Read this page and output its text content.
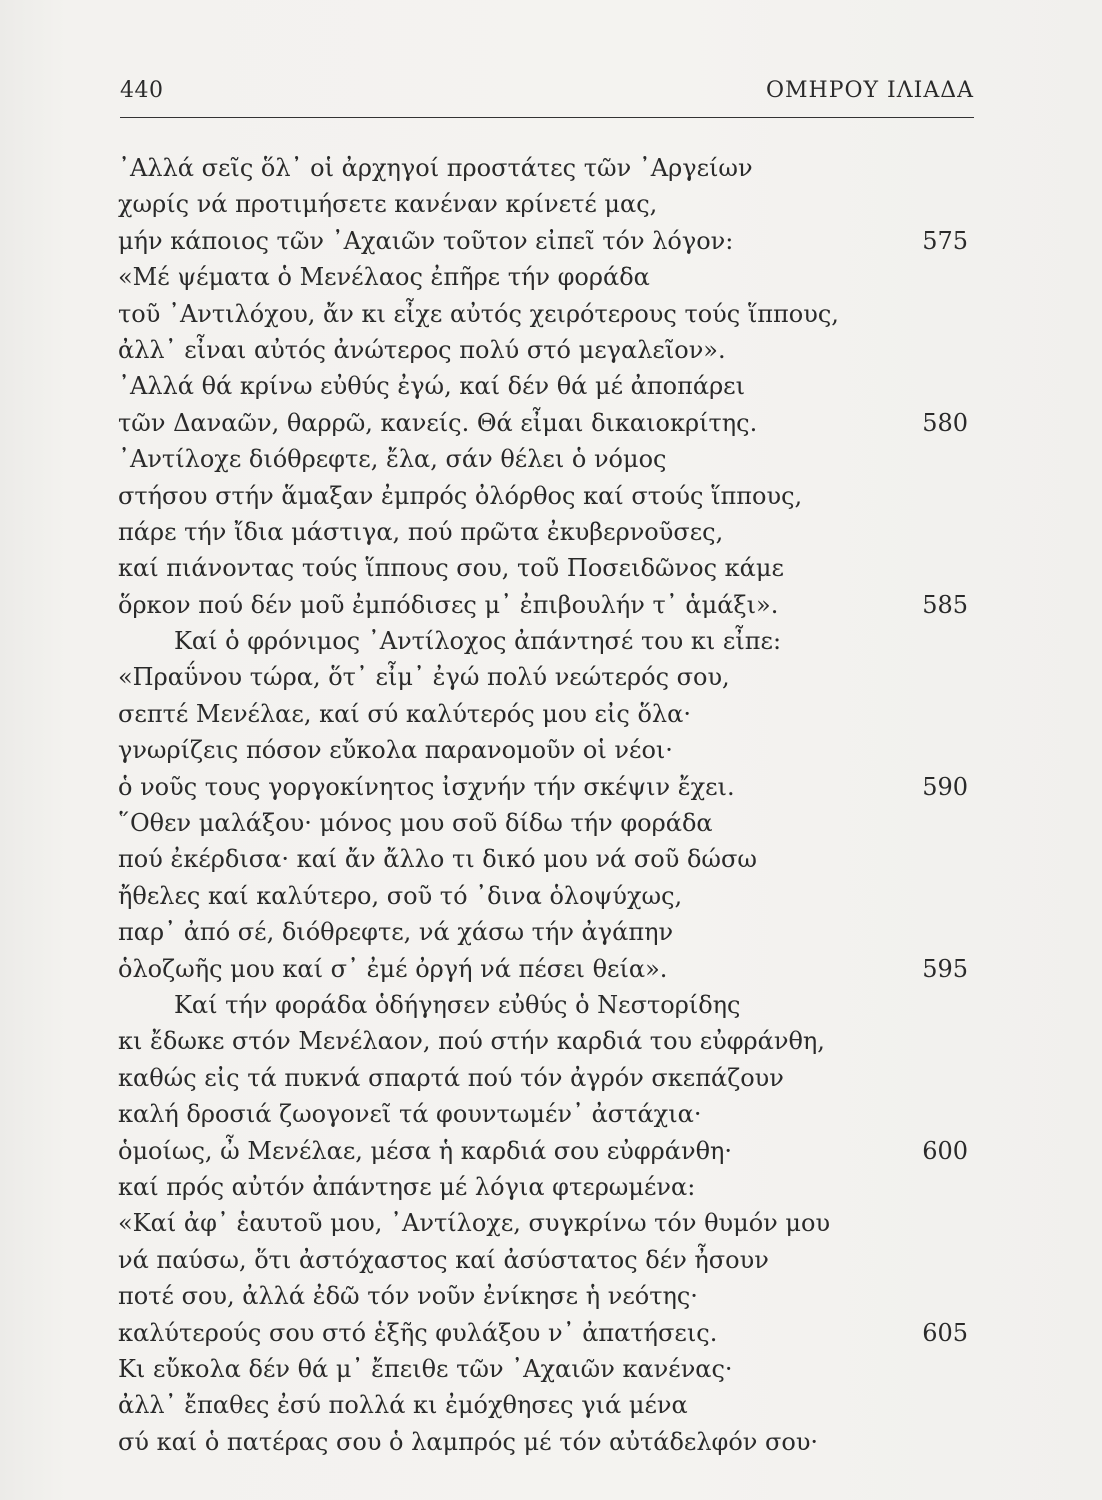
440	ΟΜΗΡΟΥ ΙΛΙΑΔΑ
᾿Αλλά σεῖς ὅλ᾿ οἱ ἀρχηγοί προστάτες τῶν ᾿Αργείων
χωρίς νά προτιμήσετε κανέναν κρίνετέ μας,
μήν κάποιος τῶν ᾿Αχαιῶν τοῦτον εἰπεῖ τόν λόγον:	575
«Μέ ψέματα ὁ Μενέλαος ἐπῆρε τήν φοράδα
τοῦ ᾿Αντιλόχου, ἄν κι εἶχε αὐτός χειρότερους τούς ἵππους,
ἀλλ᾿ εἶναι αὐτός ἀνώτερος πολύ στό μεγαλεῖον».
᾿Αλλά θά κρίνω εὐθύς ἐγώ, καί δέν θά μέ ἀποπάρει
τῶν Δαναῶν, θαρρῶ, κανείς. Θά εἶμαι δικαιοκρίτης.	580
᾿Αντίλοχε διόθρεφτε, ἔλα, σάν θέλει ὁ νόμος
στήσου στήν ἅμαξαν ἐμπρός ὀλόρθος καί στούς ἵππους,
πάρε τήν ἴδια μάστιγα, πού πρῶτα ἐκυβερνοῦσες,
καί πιάνοντας τούς ἵππους σου, τοῦ Ποσειδῶνος κάμε
ὅρκον πού δέν μοῦ ἐμπόδισες μ᾿ ἐπιβουλήν τ᾿ ἁμάξι».	585
Καί ὁ φρόνιμος ᾿Αντίλοχος ἀπάντησέ του κι εἶπε:
«Πραΰνου τώρα, ὅτ᾿ εἶμ᾿ ἐγώ πολύ νεώτερός σου,
σεπτέ Μενέλαε, καί σύ καλύτερός μου εἰς ὅλα·
γνωρίζεις πόσον εὔκολα παρανομοῦν οἱ νέοι·
ὁ νοῦς τους γοργοκίνητος ἰσχνήν τήν σκέψιν ἔχει.	590
῞Οθεν μαλάξου· μόνος μου σοῦ δίδω τήν φοράδα
πού ἐκέρδισα· καί ἄν ἄλλο τι δικό μου νά σοῦ δώσω
ἤθελες καί καλύτερο, σοῦ τό ᾽δινα ὁλοψύχως,
παρ᾿ ἀπό σέ, διόθρεφτε, νά χάσω τήν ἀγάπην
ὁλοζωῆς μου καί σ᾿ ἐμέ ὀργή νά πέσει θεία».	595
Καί τήν φοράδα ὁδήγησεν εὐθύς ὁ Νεστορίδης
κι ἔδωκε στόν Μενέλαον, πού στήν καρδιά του εὐφράνθη,
καθώς εἰς τά πυκνά σπαρτά πού τόν ἀγρόν σκεπάζουν
καλή δροσιά ζωογονεῖ τά φουντωμέν᾿ ἀστάχια·
ὁμοίως, ὦ Μενέλαε, μέσα ἡ καρδιά σου εὐφράνθη·	600
καί πρός αὐτόν ἀπάντησε μέ λόγια φτερωμένα:
«Καί ἀφ᾿ ἑαυτοῦ μου, ᾿Αντίλοχε, συγκρίνω τόν θυμόν μου
νά παύσω, ὅτι ἀστόχαστος καί ἀσύστατος δέν ἦσουν
ποτέ σου, ἀλλά ἐδῶ τόν νοῦν ἐνίκησε ἡ νεότης·
καλύτερούς σου στό ἑξῆς φυλάξου ν᾿ ἀπατήσεις.	605
Κι εὔκολα δέν θά μ᾿ ἔπειθε τῶν ᾿Αχαιῶν κανένας·
ἀλλ᾿ ἔπαθες ἐσύ πολλά κι ἐμόχθησες γιά μένα
σύ καί ὁ πατέρας σου ὁ λαμπρός μέ τόν αὐτάδελφόν σου·
